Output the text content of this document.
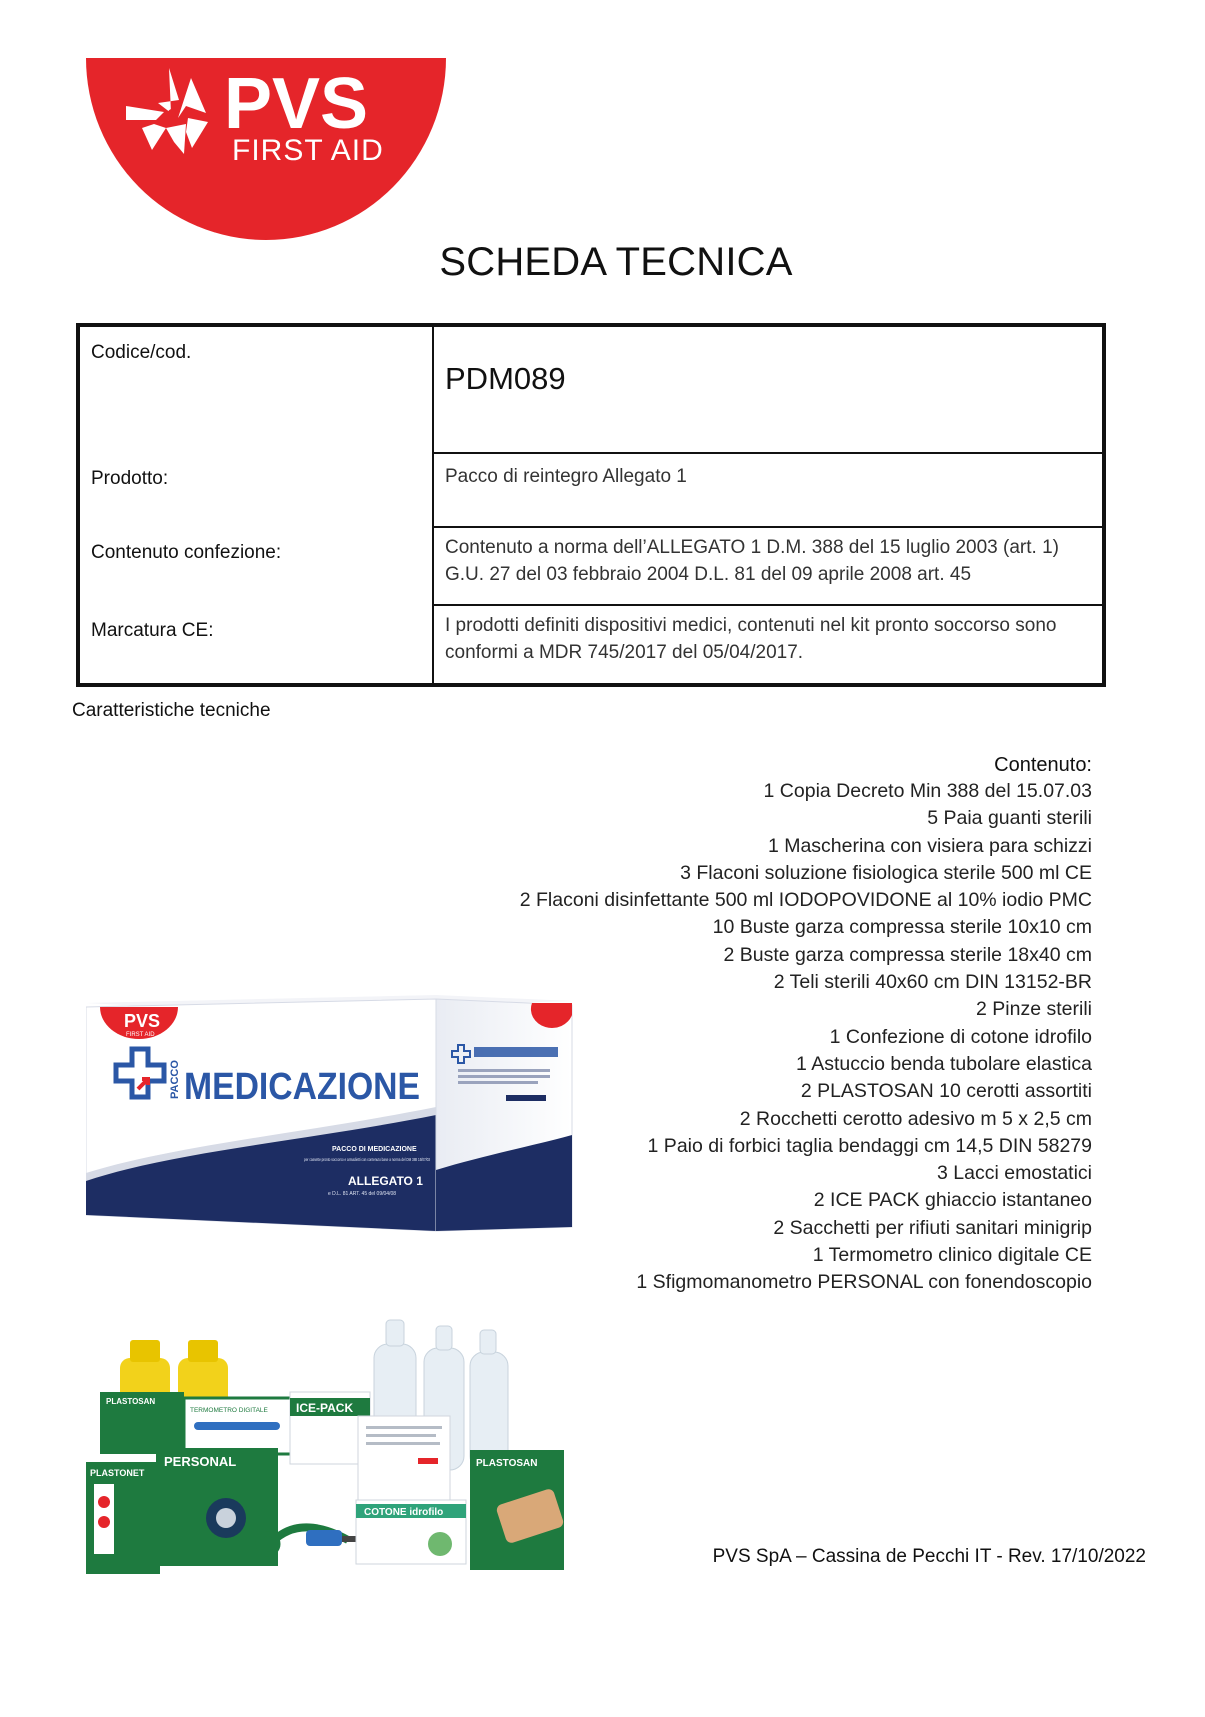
PVS
FIRST AID
SCHEDA TECNICA
Codice/cod.	PDM089
Prodotto:	Pacco di reintegro Allegato 1
Contenuto confezione:	Contenuto a norma dell’ALLEGATO 1 D.M. 388 del 15 luglio 2003 (art. 1) G.U. 27 del 03 febbraio 2004 D.L. 81 del 09 aprile 2008 art. 45
Marcatura CE:	I prodotti definiti dispositivi medici, contenuti nel kit pronto soccorso sono conformi a MDR 745/2017 del 05/04/2017.
Caratteristiche tecniche
Contenuto:
1 Copia Decreto Min 388 del 15.07.03
5 Paia guanti sterili
1 Mascherina con visiera para schizzi
3 Flaconi soluzione fisiologica sterile 500 ml CE
2 Flaconi disinfettante 500 ml IODOPOVIDONE al 10% iodio PMC
10 Buste garza compressa sterile 10x10 cm
2 Buste garza compressa sterile 18x40 cm
2 Teli sterili 40x60 cm DIN 13152-BR
2 Pinze sterili
1 Confezione di cotone idrofilo
1 Astuccio benda tubolare elastica
2 PLASTOSAN 10 cerotti assortiti
2 Rocchetti cerotto adesivo m 5 x 2,5 cm
1 Paio di forbici taglia bendaggi cm 14,5 DIN 58279
3 Lacci emostatici
2 ICE PACK ghiaccio istantaneo
2 Sacchetti per rifiuti sanitari minigrip
1 Termometro clinico digitale CE
1 Sfigmomanometro PERSONAL con fonendoscopio
PVS
FIRST AID
PACCO MEDICAZIONE
PACCO DI MEDICAZIONE
per cassette pronto soccorso e armadietti con contenuto base a norma del DM 388 15/07/03
ALLEGATO 1
e D.L. 81 ART. 45 del 09/04/08
PLASTOSAN
TERMOMETRO DIGITALE ICE-PACK
PERSONAL
PLASTONET
COTONE idrofilo
PLASTOSAN
PVS SpA – Cassina de Pecchi IT - Rev. 17/10/2022
